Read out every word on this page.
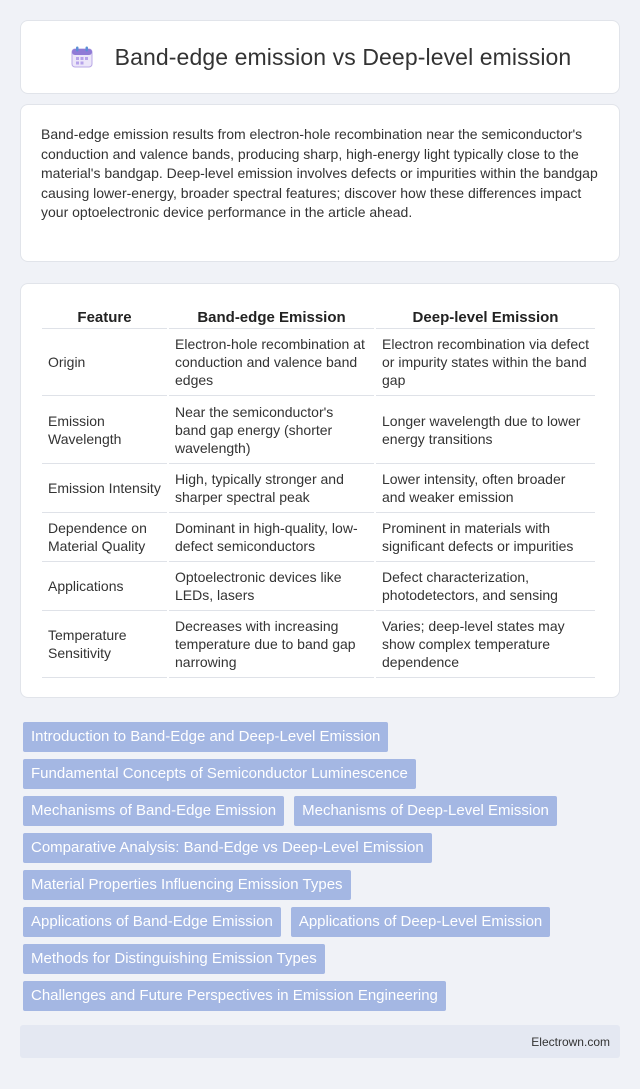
Band-edge emission vs Deep-level emission

Band-edge emission results from electron-hole recombination near the semiconductor's conduction and valence bands, producing sharp, high-energy light typically close to the material's bandgap. Deep-level emission involves defects or impurities within the bandgap causing lower-energy, broader spectral features; discover how these differences impact your optoelectronic device performance in the article ahead.

Feature	Band-edge Emission	Deep-level Emission
Origin	Electron-hole recombination at conduction and valence band edges	Electron recombination via defect or impurity states within the band gap
Emission Wavelength	Near the semiconductor's band gap energy (shorter wavelength)	Longer wavelength due to lower energy transitions
Emission Intensity	High, typically stronger and sharper spectral peak	Lower intensity, often broader and weaker emission
Dependence on Material Quality	Dominant in high-quality, low-defect semiconductors	Prominent in materials with significant defects or impurities
Applications	Optoelectronic devices like LEDs, lasers	Defect characterization, photodetectors, and sensing
Temperature Sensitivity	Decreases with increasing temperature due to band gap narrowing	Varies; deep-level states may show complex temperature dependence
Introduction to Band-Edge and Deep-Level Emission
Fundamental Concepts of Semiconductor Luminescence
Mechanisms of Band-Edge Emission	Mechanisms of Deep-Level Emission
Comparative Analysis: Band-Edge vs Deep-Level Emission
Material Properties Influencing Emission Types
Applications of Band-Edge Emission	Applications of Deep-Level Emission
Methods for Distinguishing Emission Types
Challenges and Future Perspectives in Emission Engineering
Electrown.com
